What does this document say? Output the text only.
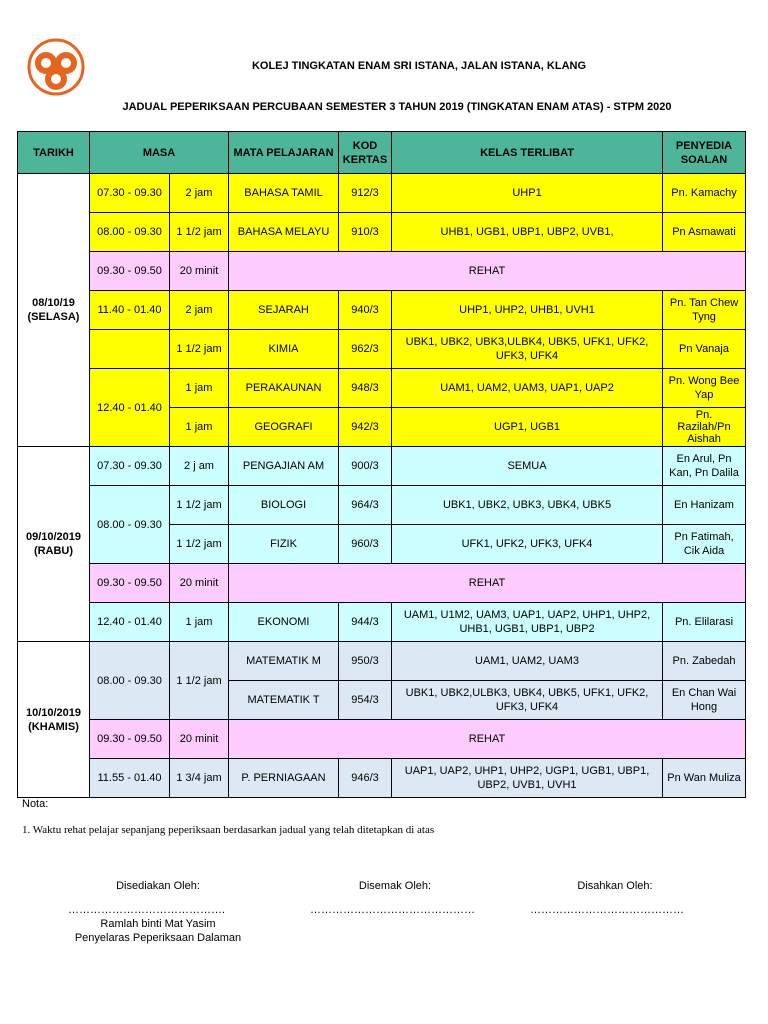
KOLEJ TINGKATAN ENAM SRI ISTANA, JALAN ISTANA, KLANG
JADUAL PEPERIKSAAN PERCUBAAN SEMESTER 3 TAHUN 2019 (TINGKATAN ENAM ATAS) - STPM 2020
TARIKH	MASA		MATA PELAJARAN	KOD
KERTAS	KELAS TERLIBAT	PENYEDIA
SOALAN
08/10/19
(SELASA)	07.30 - 09.30	2 jam	BAHASA TAMIL	912/3	UHP1	Pn. Kamachy
	08.00 - 09.30	1 1/2 jam	BAHASA MELAYU	910/3	UHB1, UGB1, UBP1, UBP2, UVB1,	Pn Asmawati
	09.30 - 09.50	20 minit	REHAT			
	11.40 - 01.40	2 jam	SEJARAH	940/3	UHP1, UHP2, UHB1, UVH1	Pn. Tan Chew
Tyng
		1 1/2 jam	KIMIA	962/3	UBK1, UBK2, UBK3,ULBK4, UBK5, UFK1, UFK2,
UFK3, UFK4	Pn Vanaja
	12.40 - 01.40	1 jam	PERAKAUNAN	948/3	UAM1, UAM2, UAM3, UAP1, UAP2	Pn. Wong Bee
Yap
		1 jam	GEOGRAFI	942/3	UGP1, UGB1	Pn.
Razilah/Pn
Aishah
09/10/2019
(RABU)	07.30 - 09.30	2 j am	PENGAJIAN AM	900/3	SEMUA	En Arul, Pn
Kan, Pn Dalila
	08.00 - 09.30	1 1/2 jam	BIOLOGI	964/3	UBK1, UBK2, UBK3, UBK4, UBK5	En Hanizam
		1 1/2 jam	FIZIK	960/3	UFK1, UFK2, UFK3, UFK4	Pn Fatimah,
Cik Aida
	09.30 - 09.50	20 minit	REHAT			
	12.40 - 01.40	1 jam	EKONOMI	944/3	UAM1, U1M2, UAM3, UAP1, UAP2, UHP1, UHP2,
UHB1, UGB1, UBP1, UBP2	Pn. Elilarasi
10/10/2019
(KHAMIS)	08.00 - 09.30	1 1/2 jam	MATEMATIK M	950/3	UAM1, UAM2, UAM3	Pn. Zabedah
			MATEMATIK T	954/3	UBK1, UBK2,ULBK3, UBK4, UBK5, UFK1, UFK2,
UFK3, UFK4	En Chan Wai
Hong
	09.30 - 09.50	20 minit	REHAT			
	11.55 - 01.40	1 3/4 jam	P. PERNIAGAAN	946/3	UAP1, UAP2, UHP1, UHP2, UGP1, UGB1, UBP1,
UBP2, UVB1, UVH1	Pn Wan Muliza
Nota:
1. Waktu rehat pelajar sepanjang peperiksaan berdasarkan jadual yang telah ditetapkan di atas
Disediakan Oleh:	Disemak Oleh:	Disahkan Oleh:
…………………………………….	………………………………………	……………………………………
Ramlah binti Mat Yasim
Penyelaras Peperiksaan Dalaman
